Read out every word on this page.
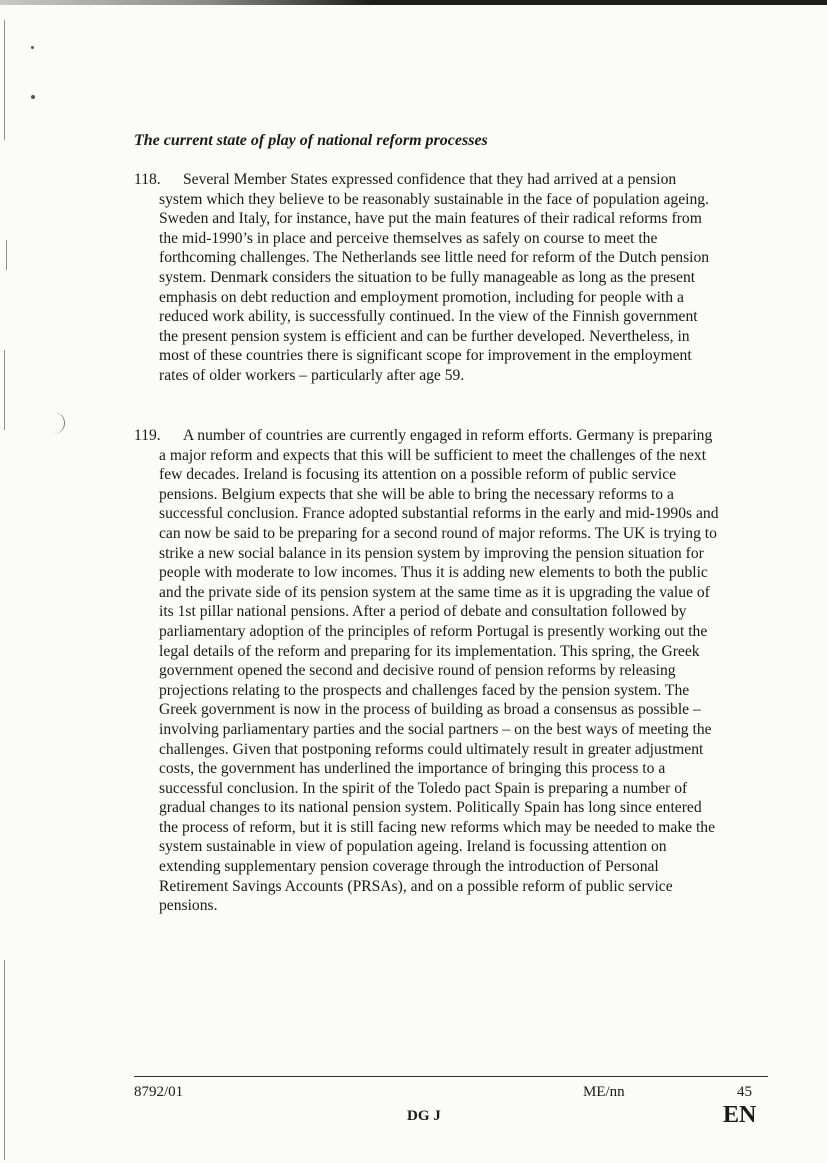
The current state of play of national reform processes
118.	Several Member States expressed confidence that they had arrived at a pension system which they believe to be reasonably sustainable in the face of population ageing. Sweden and Italy, for instance, have put the main features of their radical reforms from the mid-1990’s in place and perceive themselves as safely on course to meet the forthcoming challenges. The Netherlands see little need for reform of the Dutch pension system. Denmark considers the situation to be fully manageable as long as the present emphasis on debt reduction and employment promotion, including for people with a reduced work ability, is successfully continued. In the view of the Finnish government the present pension system is efficient and can be further developed. Nevertheless, in most of these countries there is significant scope for improvement in the employment rates of older workers – particularly after age 59.

119.	A number of countries are currently engaged in reform efforts. Germany is preparing a major reform and expects that this will be sufficient to meet the challenges of the next few decades. Ireland is focusing its attention on a possible reform of public service pensions. Belgium expects that she will be able to bring the necessary reforms to a successful conclusion. France adopted substantial reforms in the early and mid-1990s and can now be said to be preparing for a second round of major reforms. The UK is trying to strike a new social balance in its pension system by improving the pension situation for people with moderate to low incomes. Thus it is adding new elements to both the public and the private side of its pension system at the same time as it is upgrading the value of its 1st pillar national pensions. After a period of debate and consultation followed by parliamentary adoption of the principles of reform Portugal is presently working out the legal details of the reform and preparing for its implementation. This spring, the Greek government opened the second and decisive round of pension reforms by releasing projections relating to the prospects and challenges faced by the pension system. The Greek government is now in the process of building as broad a consensus as possible – involving parliamentary parties and the social partners – on the best ways of meeting the challenges. Given that postponing reforms could ultimately result in greater adjustment costs, the government has underlined the importance of bringing this process to a successful conclusion. In the spirit of the Toledo pact Spain is preparing a number of gradual changes to its national pension system. Politically Spain has long since entered the process of reform, but it is still facing new reforms which may be needed to make the system sustainable in view of population ageing. Ireland is focussing attention on extending supplementary pension coverage through the introduction of Personal Retirement Savings Accounts (PRSAs), and on a possible reform of public service pensions.

8792/01	ME/nn	45
DG J	EN
